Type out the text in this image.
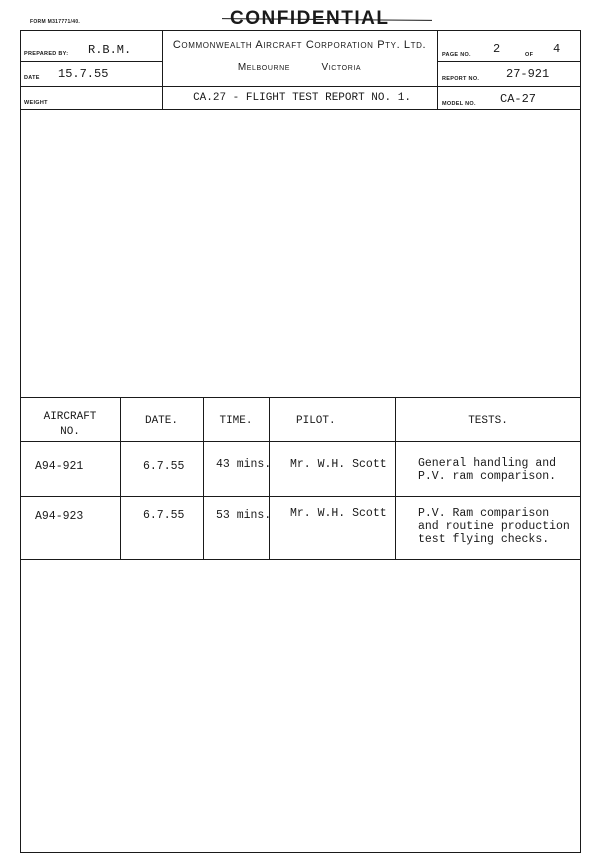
FORM M317771/40.	CONFIDENTIAL
PREPARED BY: R.B.M.
DATE 15.7.55
WEIGHT
Commonwealth Aircraft Corporation Pty. Ltd.
Melbourne	Victoria
CA.27 - FLIGHT TEST REPORT NO. 1.
PAGE NO. 2	OF 4
REPORT NO. 27-921
MODEL NO. CA-27
AIRCRAFT
NO.
DATE.	TIME.	PILOT.	TESTS.
A94-921	6.7.55	43 mins. Mr. W.H. Scott	General handling and
P.V. ram comparison.
A94-923	6.7.55	53 mins. Mr. W.H. Scott	P.V. Ram comparison
and routine production
test flying checks.
